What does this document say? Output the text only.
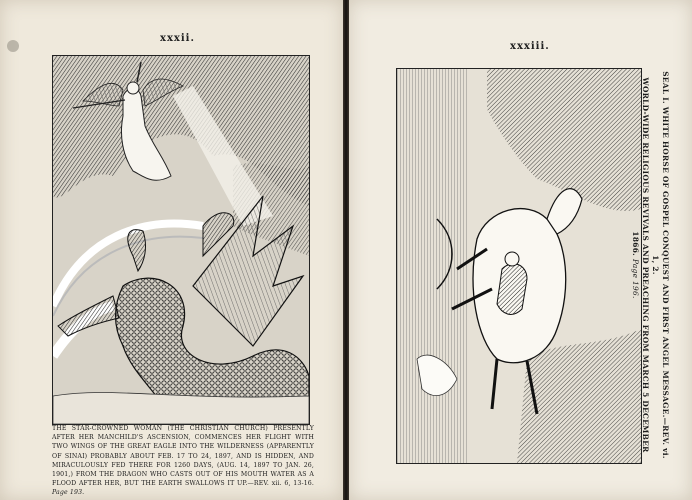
xxxii.
xxxiii.
THE STAR-CROWNED WOMAN (THE CHRISTIAN CHURCH) PRESENTLY AFTER HER MANCHILD'S ASCENSION, COMMENCES HER FLIGHT WITH TWO WINGS OF THE GREAT EAGLE INTO THE WILDERNESS (APPARENTLY OF SINAI) PROBABLY ABOUT FEB. 17 TO 24, 1897, AND IS HIDDEN, AND MIRACULOUSLY FED THERE FOR 1260 DAYS, (AUG. 14, 1897 TO JAN. 26, 1901,) FROM THE DRAGON WHO CASTS OUT OF HIS MOUTH WATER AS A FLOOD AFTER HER, BUT THE EARTH SWALLOWS IT UP.—REV. xii. 6, 13-16. Page 193.
SEAL I. WHITE HORSE OF GOSPEL CONQUEST AND FIRST ANGEL MESSAGE.—REV. vi. 1, 2.
WORLD-WIDE RELIGIOUS REVIVALS AND PREACHING FROM MARCH 5 DECEMBER 1866. Page 196.
